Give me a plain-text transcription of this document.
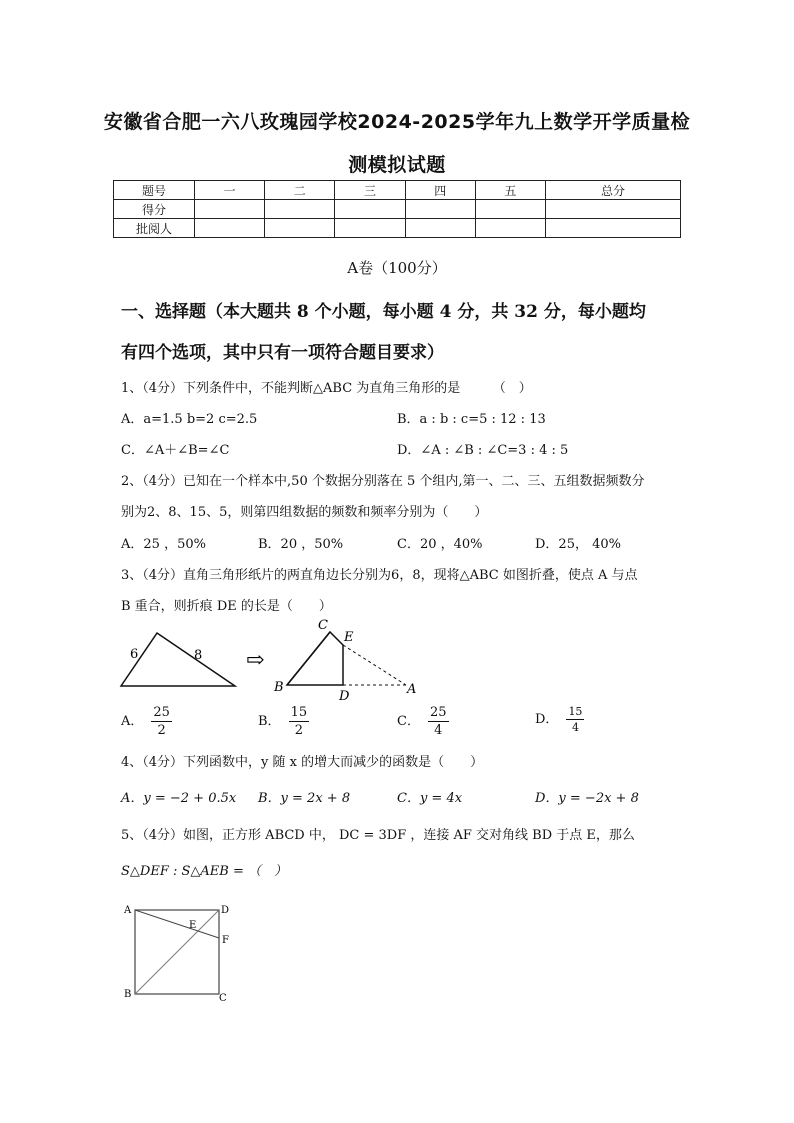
安徽省合肥一六八玫瑰园学校2024-2025学年九上数学开学质量检
测模拟试题
题号	一	二	三	四	五	总分
得分						
批阅人						
A卷（100分）
一、选择题（本大题共 8 个小题，每小题 4 分，共 32 分，每小题均
有四个选项，其中只有一项符合题目要求）
1、（4分）下列条件中，不能判断△ABC 为直角三角形的是　　　（　）
A．a=1.5 b=2 c=2.5	B．a : b : c=5 : 12 : 13
C．∠A＋∠B=∠C	D．∠A : ∠B : ∠C=3 : 4 : 5
2、（4分）已知在一个样本中,50 个数据分别落在 5 个组内,第一、二、三、五组数据频数分
别为2、8、15、5，则第四组数据的频数和频率分别为（　　）
A．25 ，50%	B．20 ，50%	C．20 ，40%	D．25， 40%
3、（4分）直角三角形纸片的两直角边长分别为6，8，现将△ABC 如图折叠，使点 A 与点
B 重合，则折痕 DE 的长是（　　）
6	8 ⇨
C
E
B
D	A
A． $\frac{25}{2}$	B． $\frac{15}{2}$	C． $\frac{25}{4}$	D． $\frac{15}{4}$
4、（4分）下列函数中，y 随 x 的增大而减少的函数是（　　）
A．y = −2 + 0.5x B．y = 2x + 8	C．y = 4x	D．y = −2x + 8
5、（4分）如图，正方形 ABCD 中， DC = 3DF ，连接 AF 交对角线 BD 于点 E，那么
S△DEF : S△AEB = （　）
A	D
E
F
B	C
